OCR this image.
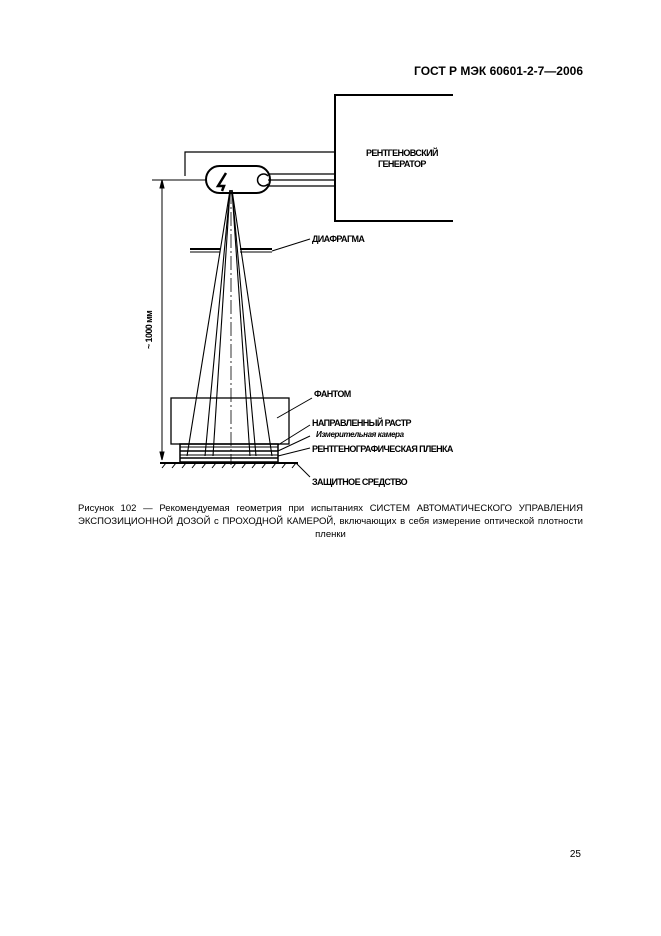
ГОСТ Р МЭК 60601-2-7—2006
~ 1000 мм
ДИАФРАГМА
ФАНТОМ
НАПРАВЛЕННЫЙ РАСТР
Измерительная камера
РЕНТГЕНОГРАФИЧЕСКАЯ ПЛЕНКА
ЗАЩИТНОЕ СРЕДСТВО
РЕНТГЕНОВСКИЙ
ГЕНЕРАТОР
Рисунок 102 — Рекомендуемая геометрия при испытаниях СИСТЕМ АВТОМАТИЧЕСКОГО УПРАВЛЕНИЯ ЭКСПОЗИЦИОННОЙ ДОЗОЙ с ПРОХОДНОЙ КАМЕРОЙ, включающих в себя измерение оптической плотности пленки
25
